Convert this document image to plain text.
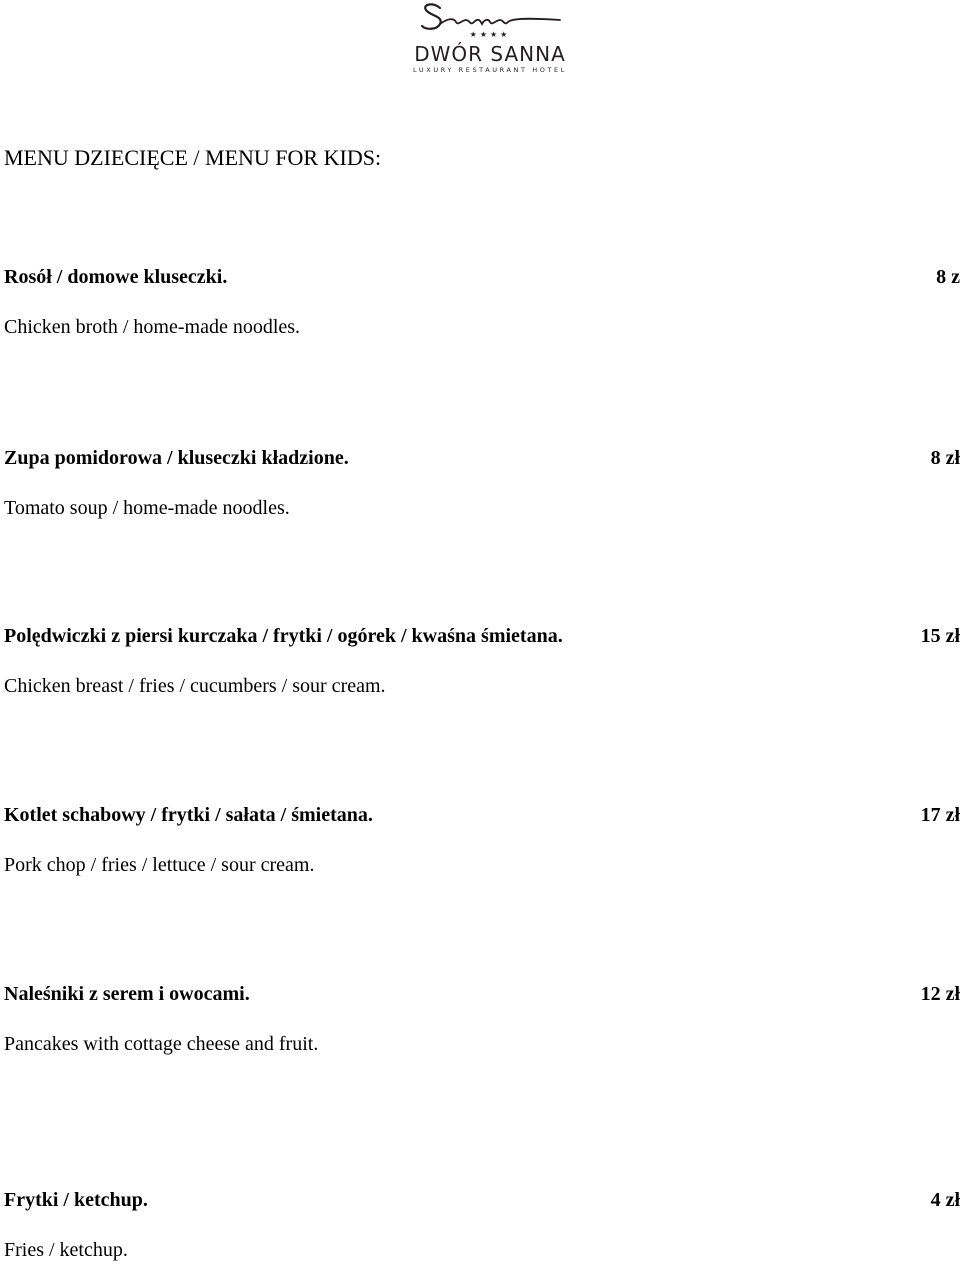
★★★★
DWÓR SANNA
LUXURY RESTAURANT HOTEL
MENU DZIECIĘCE / MENU FOR KIDS:
Rosół / domowe kluseczki.	8 z
Chicken broth / home-made noodles.
Zupa pomidorowa / kluseczki kładzione.	8 zł
Tomato soup / home-made noodles.
Polędwiczki z piersi kurczaka / frytki / ogórek / kwaśna śmietana.	15 zł
Chicken breast / fries / cucumbers / sour cream.
Kotlet schabowy / frytki / sałata / śmietana.	17 zł
Pork chop / fries / lettuce / sour cream.
Naleśniki z serem i owocami.	12 zł
Pancakes with cottage cheese and fruit.
Frytki / ketchup.	4 zł
Fries / ketchup.
